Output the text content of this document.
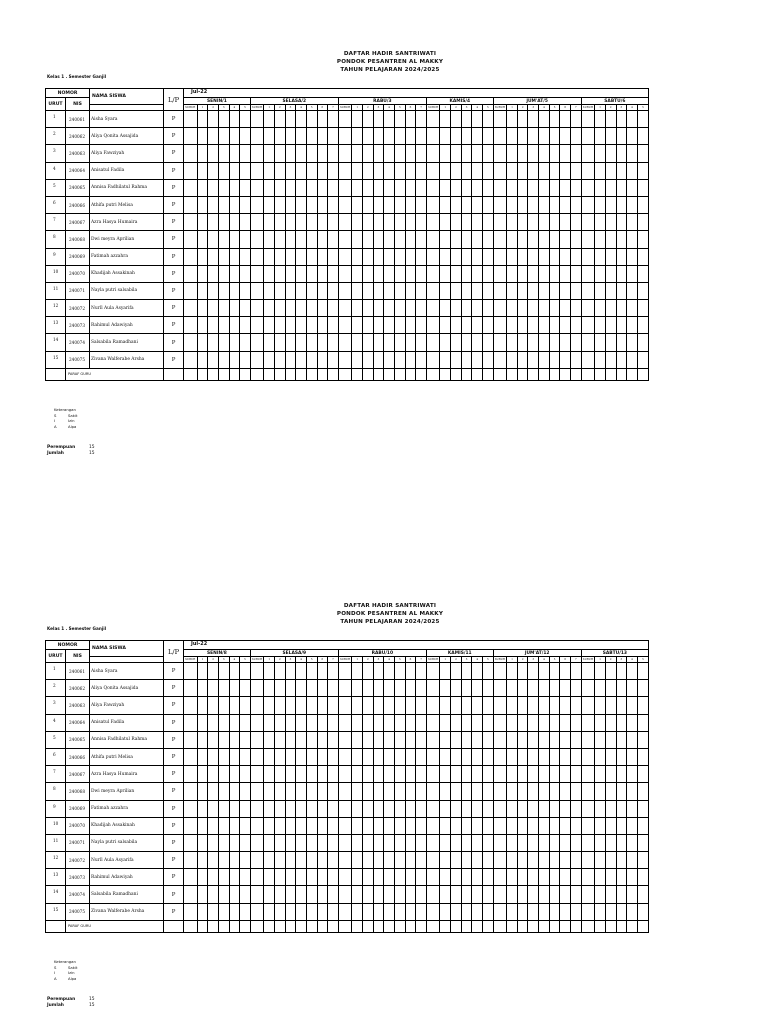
DAFTAR HADIR SANTRIWATI
PONDOK PESANTREN AL MAKKY
TAHUN PELAJARAN 2024/2025
Kelas 1 . Semester Ganjil
NOMOR		NAMA SISWA	L/P	Jul-22																																									
URUT	NIS			SENIN/1						SELASA/2								RABU/3								KAMIS/4						JUM'AT/5								SABTU/6					
				SUBUH	1	2	3	4	5	SUBUH	1	2	3	4	5	6	7	SUBUH	1	2	3	4	5	6	7	SUBUH	1	2	3	4	5	SUBUH	1	2	3	4	5	6	7	SUBUH	1	2	3	4	5
1	240061	Aisha Syara	P																																										
2	240062	Aliya Qonita Assajida	P																																										
3	240063	Aliya Fawziyah	P																																										
4	240064	Anisatul Fadila	P																																										
5	240065	Annisa Fadhilatul Rahma	P																																										
6	240066	Athifa putri Melisa	P																																										
7	240067	Azra Hasya Humaira	P																																										
8	240068	Dwi meyra Aprilian	P																																										
9	240069	Fatimah azzahra	P																																										
10	240070	Khadijah Assakinah	P																																										
11	240071	Nayla putri salsabila	P																																										
12	240072	Nurll Aula Asyarifa	P																																										
13	240073	Rahimul Adawiyah	P																																										
14	240074	Salsabila Ramadhani	P																																										
15	240075	Zivana Walferabe Arsha	P																																										
	PARAF GURU																																												
Keterangan
S	Sakit
I	Izin
A	Alpa
Perempuan	15
Jumlah	15
DAFTAR HADIR SANTRIWATI
PONDOK PESANTREN AL MAKKY
TAHUN PELAJARAN 2024/2025
Kelas 1 . Semester Ganjil
NOMOR		NAMA SISWA	L/P	Jul-22																																									
URUT	NIS			SENIN/8						SELASA/9								RABU/10								KAMIS/11						JUM'AT/12								SABTU/13					
				SUBUH	1	2	3	4	5	SUBUH	1	2	3	4	5	6	7	SUBUH	1	2	3	4	5	6	7	SUBUH	1	2	3	4	5	SUBUH	1	2	3	4	5	6	7	SUBUH	1	2	3	4	5
1	240061	Aisha Syara	P																																										
2	240062	Aliya Qonita Assajida	P																																										
3	240063	Aliya Fawziyah	P																																										
4	240064	Anisatul Fadila	P																																										
5	240065	Annisa Fadhilatul Rahma	P																																										
6	240066	Athifa putri Melisa	P																																										
7	240067	Azra Hasya Humaira	P																																										
8	240068	Dwi meyra Aprilian	P																																										
9	240069	Fatimah azzahra	P																																										
10	240070	Khadijah Assakinah	P																																										
11	240071	Nayla putri salsabila	P																																										
12	240072	Nurll Aula Asyarifa	P																																										
13	240073	Rahimul Adawiyah	P																																										
14	240074	Salsabila Ramadhani	P																																										
15	240075	Zivana Walferabe Arsha	P																																										
	PARAF GURU																																												
Keterangan
S	Sakit
I	Izin
A	Alpa
Perempuan	15
Jumlah	15
